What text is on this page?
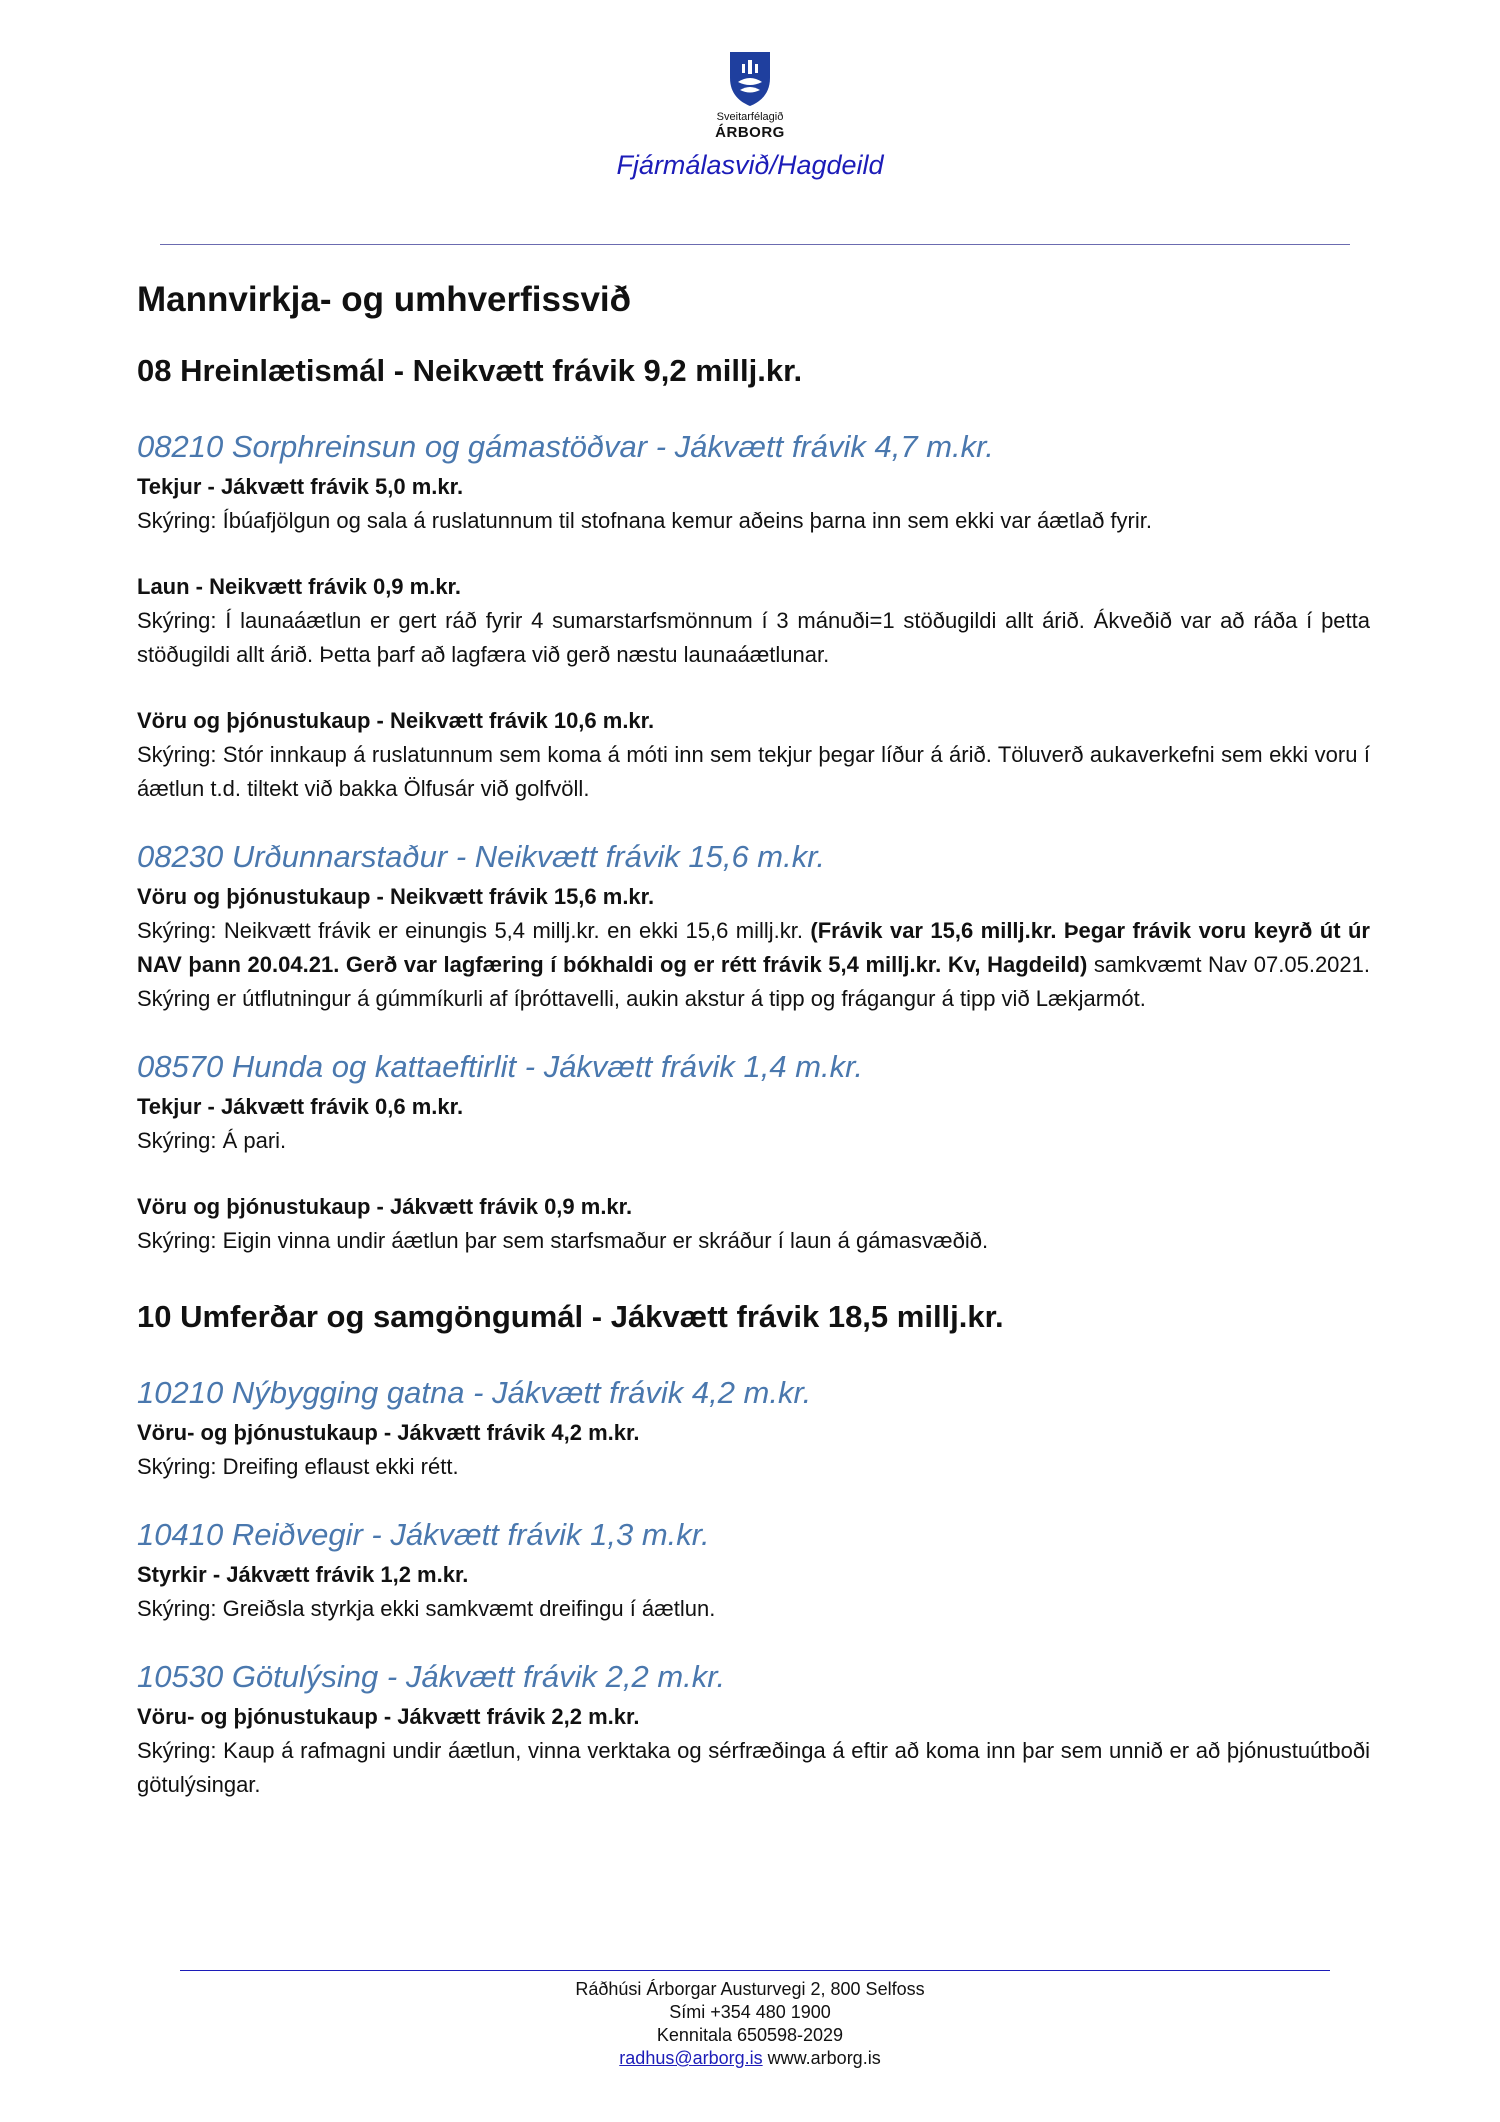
Sveitarfélagið
ÁRBORG
Fjármálasvið/Hagdeild
Mannvirkja- og umhverfissvið
08 Hreinlætismál - Neikvætt frávik 9,2 millj.kr.
08210 Sorphreinsun og gámastöðvar - Jákvætt frávik 4,7 m.kr.
Tekjur - Jákvætt frávik 5,0 m.kr.
Skýring: Íbúafjölgun og sala á ruslatunnum til stofnana kemur aðeins þarna inn sem ekki var áætlað fyrir.
Laun - Neikvætt frávik 0,9 m.kr.
Skýring: Í launaáætlun er gert ráð fyrir 4 sumarstarfsmönnum í 3 mánuði=1 stöðugildi allt árið. Ákveðið var að ráða í þetta stöðugildi allt árið. Þetta þarf að lagfæra við gerð næstu launaáætlunar.
Vöru og þjónustukaup - Neikvætt frávik 10,6 m.kr.
Skýring: Stór innkaup á ruslatunnum sem koma á móti inn sem tekjur þegar líður á árið. Töluverð aukaverkefni sem ekki voru í áætlun t.d. tiltekt við bakka Ölfusár við golfvöll.
08230 Urðunnarstaður - Neikvætt frávik 15,6 m.kr.
Vöru og þjónustukaup - Neikvætt frávik 15,6 m.kr.
Skýring: Neikvætt frávik er einungis 5,4 millj.kr. en ekki 15,6 millj.kr. (Frávik var 15,6 millj.kr. Þegar frávik voru keyrð út úr NAV þann 20.04.21. Gerð var lagfæring í bókhaldi og er rétt frávik 5,4 millj.kr. Kv, Hagdeild) samkvæmt Nav 07.05.2021. Skýring er útflutningur á gúmmíkurli af íþróttavelli, aukin akstur á tipp og frágangur á tipp við Lækjarmót.
08570 Hunda og kattaeftirlit - Jákvætt frávik 1,4 m.kr.
Tekjur - Jákvætt frávik 0,6 m.kr.
Skýring: Á pari.
Vöru og þjónustukaup - Jákvætt frávik 0,9 m.kr.
Skýring: Eigin vinna undir áætlun þar sem starfsmaður er skráður í laun á gámasvæðið.
10 Umferðar og samgöngumál - Jákvætt frávik 18,5 millj.kr.
10210 Nýbygging gatna - Jákvætt frávik 4,2 m.kr.
Vöru- og þjónustukaup - Jákvætt frávik 4,2 m.kr.
Skýring: Dreifing eflaust ekki rétt.
10410 Reiðvegir - Jákvætt frávik 1,3 m.kr.
Styrkir - Jákvætt frávik 1,2 m.kr.
Skýring: Greiðsla styrkja ekki samkvæmt dreifingu í áætlun.
10530 Götulýsing - Jákvætt frávik 2,2 m.kr.
Vöru- og þjónustukaup - Jákvætt frávik 2,2 m.kr.
Skýring: Kaup á rafmagni undir áætlun, vinna verktaka og sérfræðinga á eftir að koma inn þar sem unnið er að þjónustuútboði götulýsingar.
Ráðhúsi Árborgar Austurvegi 2, 800 Selfoss
Sími +354 480 1900
Kennitala 650598-2029
radhus@arborg.is www.arborg.is
